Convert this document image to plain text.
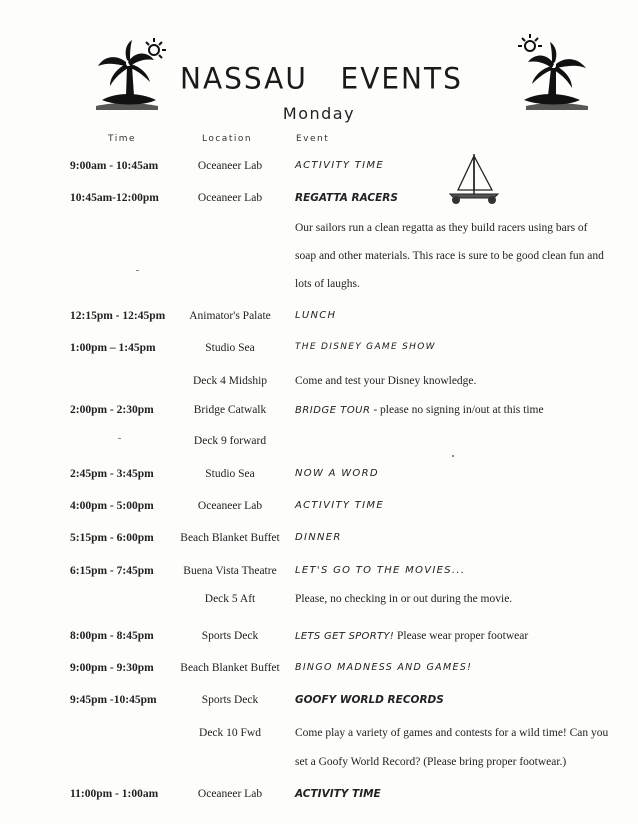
NASSAU   EVENTS
Monday
Time	Location	Event
9:00am - 10:45am	Oceaneer Lab	ACTIVITY TIME
10:45am-12:00pm	Oceaneer Lab	REGATTA RACERS
Our sailors run a clean regatta as they build racers using bars of
soap and other materials. This race is sure to be good clean fun and
lots of laughs.
12:15pm - 12:45pm	Animator's Palate	LUNCH
1:00pm – 1:45pm	Studio Sea	THE DISNEY GAME SHOW
Deck 4 Midship	Come and test your Disney knowledge.
2:00pm - 2:30pm	Bridge Catwalk	BRIDGE TOUR - please no signing in/out at this time
Deck 9 forward
2:45pm - 3:45pm	Studio Sea	NOW A WORD
4:00pm - 5:00pm	Oceaneer Lab	ACTIVITY TIME
5:15pm - 6:00pm	Beach Blanket Buffet	DINNER
6:15pm - 7:45pm	Buena Vista Theatre	LET'S GO TO THE MOVIES...
Deck 5 Aft	Please, no checking in or out during the movie.
8:00pm - 8:45pm	Sports Deck	LETS GET SPORTY! Please wear proper footwear
9:00pm - 9:30pm	Beach Blanket Buffet	BINGO MADNESS AND GAMES!
9:45pm -10:45pm	Sports Deck	GOOFY WORLD RECORDS
Deck 10 Fwd	Come play a variety of games and contests for a wild time! Can you
set a Goofy World Record? (Please bring proper footwear.)
11:00pm - 1:00am	Oceaneer Lab	ACTIVITY TIME
